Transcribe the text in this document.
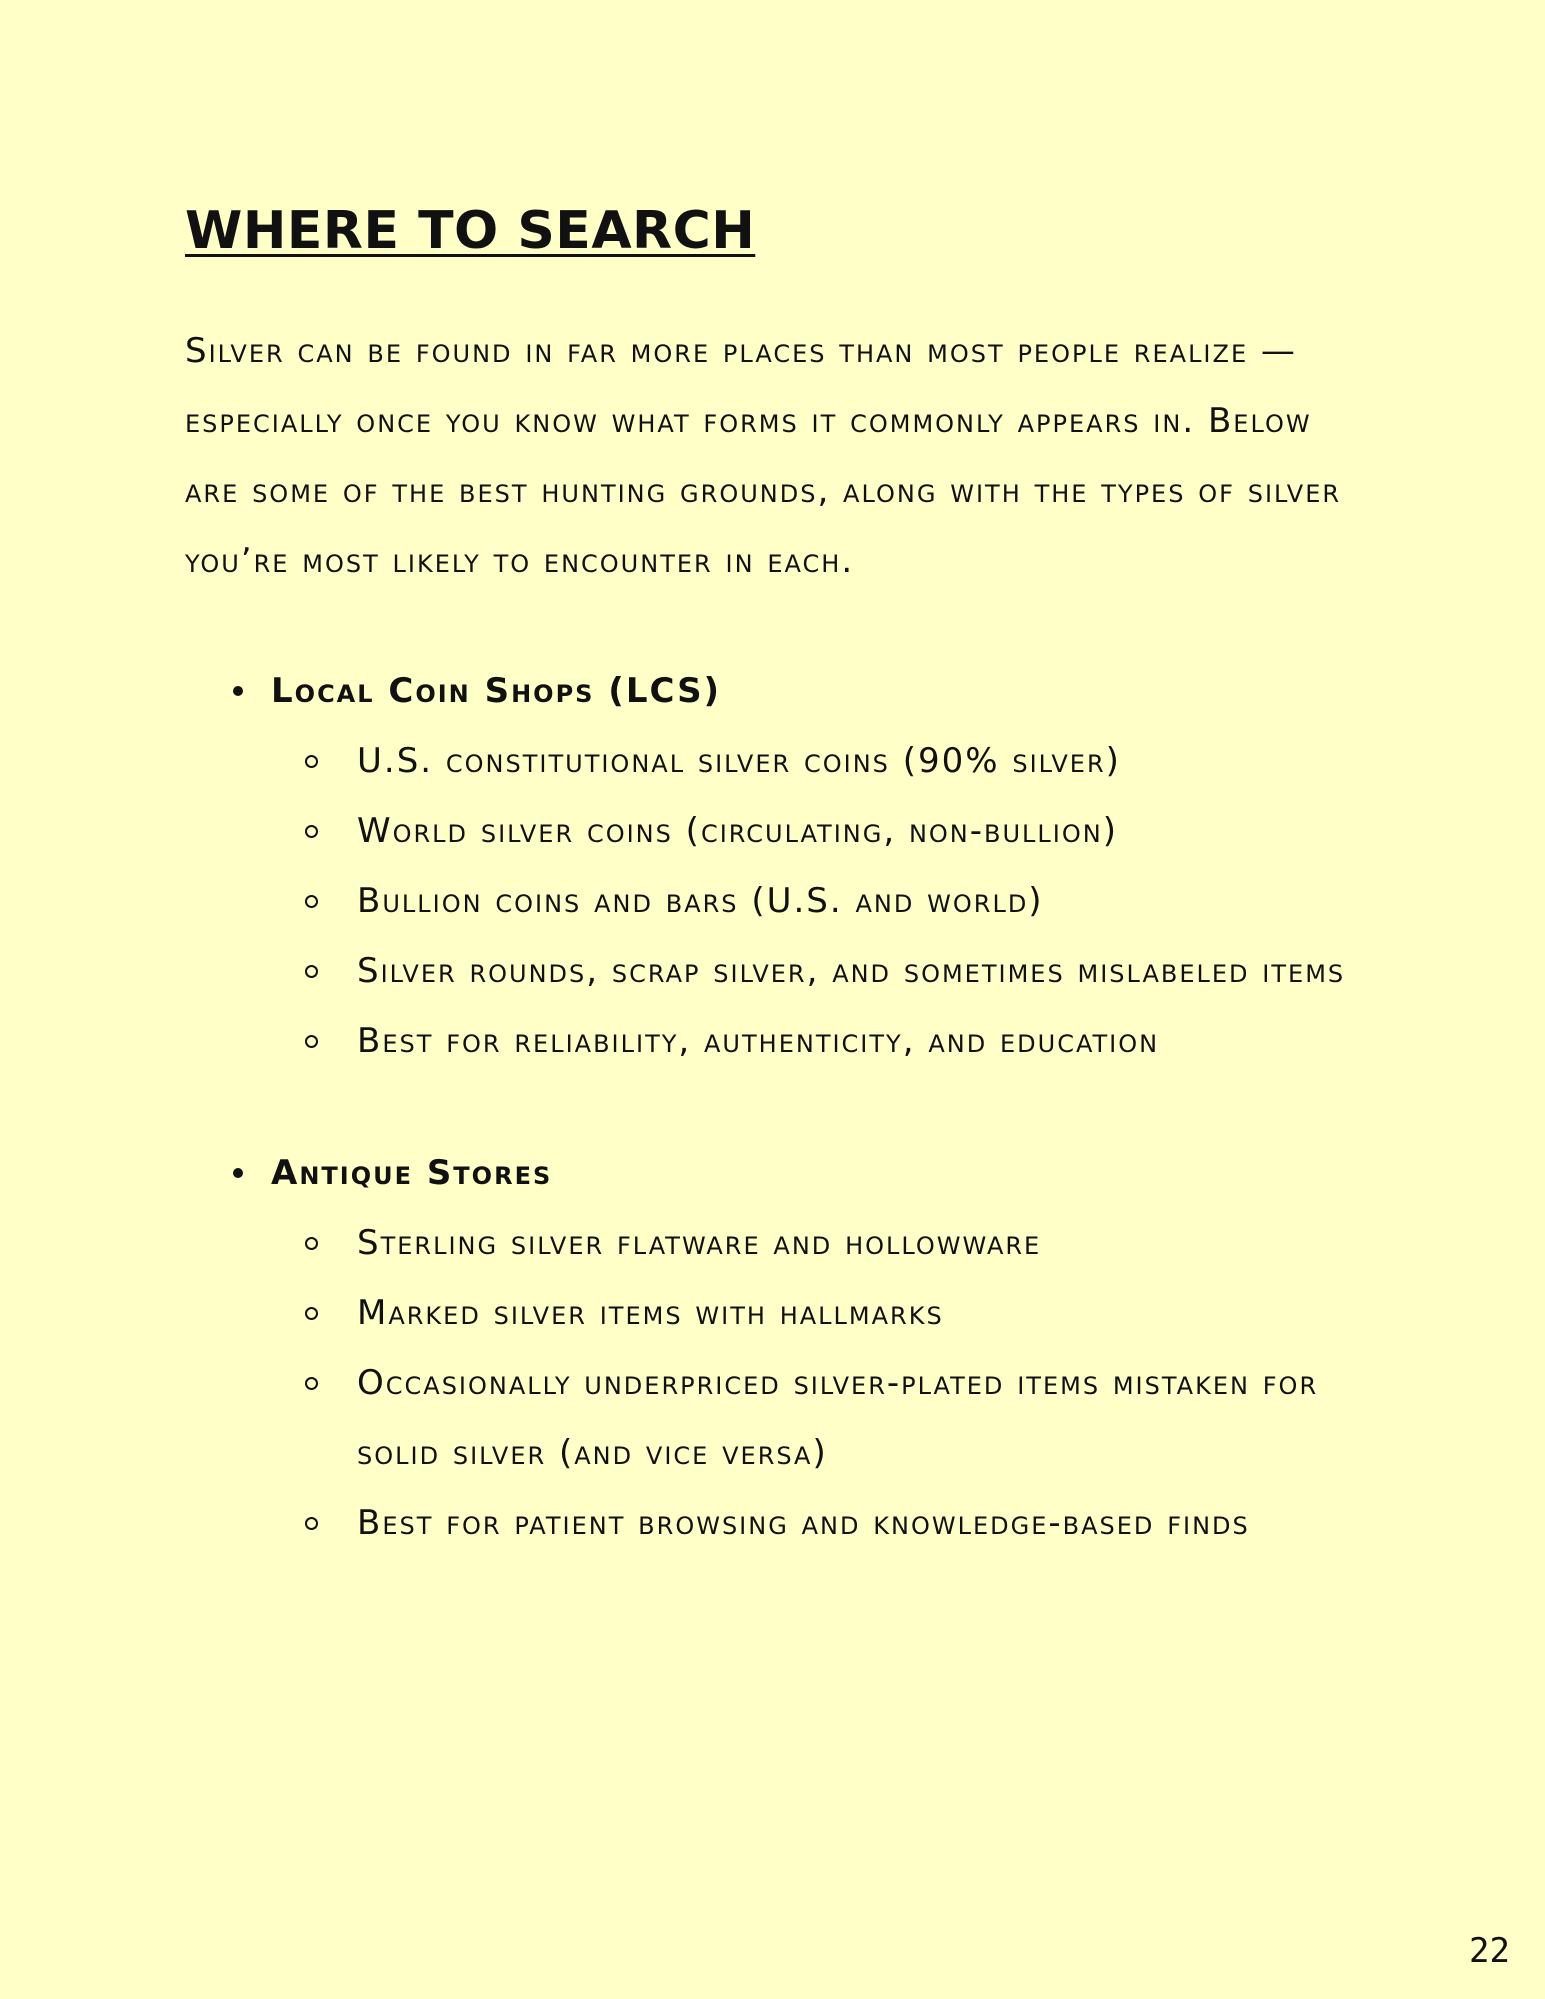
WHERE TO SEARCH

Silver can be found in far more places than most people realize — especially once you know what forms it commonly appears in. Below are some of the best hunting grounds, along with the types of silver you’re most likely to encounter in each.

Local Coin Shops (LCS)
U.S. constitutional silver coins (90% silver)
World silver coins (circulating, non-bullion)
Bullion coins and bars (U.S. and world)
Silver rounds, scrap silver, and sometimes mislabeled items
Best for reliability, authenticity, and education
Antique Stores
Sterling silver flatware and hollowware
Marked silver items with hallmarks
Occasionally underpriced silver-plated items mistaken for solid silver (and vice versa)
Best for patient browsing and knowledge-based finds
22
